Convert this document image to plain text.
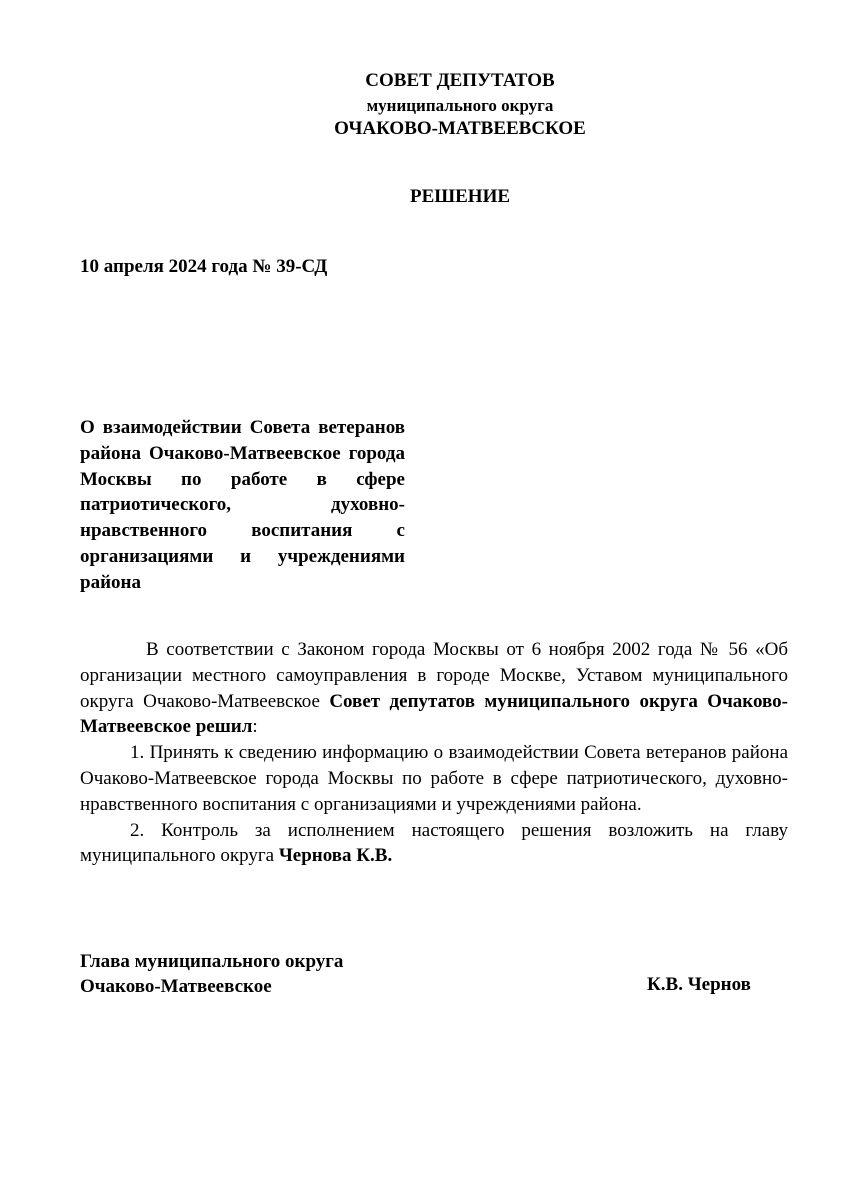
СОВЕТ ДЕПУТАТОВ
муниципального округа
ОЧАКОВО-МАТВЕЕВСКОЕ
РЕШЕНИЕ
10 апреля 2024 года № 39-СД

О взаимодействии Совета ветеранов района Очаково-Матвеевское города Москвы по работе в сфере патриотического, духовно-нравственного воспитания с организациями и учреждениями района

В соответствии с Законом города Москвы от 6 ноября 2002 года № 56 «Об организации местного самоуправления в городе Москве, Уставом муниципального округа Очаково-Матвеевское Совет депутатов муниципального округа Очаково-Матвеевское решил:

1. Принять к сведению информацию о взаимодействии Совета ветеранов района Очаково-Матвеевское города Москвы по работе в сфере патриотического, духовно-нравственного воспитания с организациями и учреждениями района.

2. Контроль за исполнением настоящего решения возложить на главу муниципального округа Чернова К.В.

Глава муниципального округа
Очаково-Матвеевское	К.В. Чернов
